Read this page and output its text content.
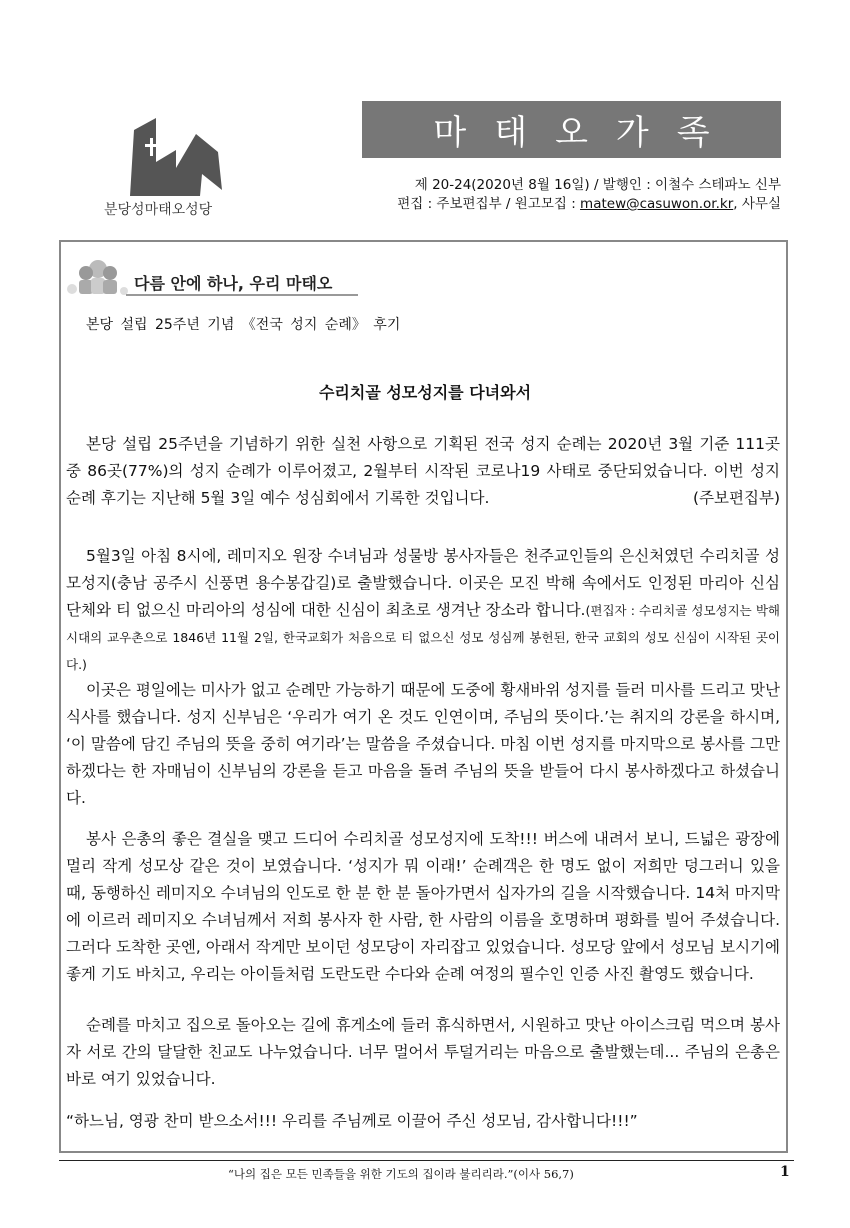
분당성마태오성당
마태오가족
제 20-24(2020년 8월 16일) / 발행인 : 이철수 스테파노 신부
편집 : 주보편집부 / 원고모집 : matew@casuwon.or.kr, 사무실
다름 안에 하나, 우리 마태오
본당 설립 25주년 기념 《전국 성지 순례》 후기
수리치골 성모성지를 다녀와서

본당 설립 25주년을 기념하기 위한 실천 사항으로 기획된 전국 성지 순례는 2020년 3월 기준 111곳 중 86곳(77%)의 성지 순례가 이루어졌고, 2월부터 시작된 코로나19 사태로 중단되었습니다. 이번 성지 순례 후기는 지난해 5월 3일 예수 성심회에서 기록한 것입니다.	(주보편집부)

5월3일 아침 8시에, 레미지오 원장 수녀님과 성물방 봉사자들은 천주교인들의 은신처였던 수리치골 성모성지(충남 공주시 신풍면 용수봉갑길)로 출발했습니다. 이곳은 모진 박해 속에서도 인정된 마리아 신심 단체와 티 없으신 마리아의 성심에 대한 신심이 최초로 생겨난 장소라 합니다.(편집자 : 수리치골 성모성지는 박해시대의 교우촌으로 1846년 11월 2일, 한국교회가 처음으로 티 없으신 성모 성심께 봉헌된, 한국 교회의 성모 신심이 시작된 곳이다.)

이곳은 평일에는 미사가 없고 순례만 가능하기 때문에 도중에 황새바위 성지를 들러 미사를 드리고 맛난 식사를 했습니다. 성지 신부님은 ‘우리가 여기 온 것도 인연이며, 주님의 뜻이다.’는 취지의 강론을 하시며, ‘이 말씀에 담긴 주님의 뜻을 중히 여기라’는 말씀을 주셨습니다. 마침 이번 성지를 마지막으로 봉사를 그만하겠다는 한 자매님이 신부님의 강론을 듣고 마음을 돌려 주님의 뜻을 받들어 다시 봉사하겠다고 하셨습니다.

봉사 은총의 좋은 결실을 맺고 드디어 수리치골 성모성지에 도착!!! 버스에 내려서 보니, 드넓은 광장에 멀리 작게 성모상 같은 것이 보였습니다. ‘성지가 뭐 이래!’ 순례객은 한 명도 없이 저희만 덩그러니 있을 때, 동행하신 레미지오 수녀님의 인도로 한 분 한 분 돌아가면서 십자가의 길을 시작했습니다. 14처 마지막에 이르러 레미지오 수녀님께서 저희 봉사자 한 사람, 한 사람의 이름을 호명하며 평화를 빌어 주셨습니다. 그러다 도착한 곳엔, 아래서 작게만 보이던 성모당이 자리잡고 있었습니다. 성모당 앞에서 성모님 보시기에 좋게 기도 바치고, 우리는 아이들처럼 도란도란 수다와 순례 여정의 필수인 인증 사진 촬영도 했습니다.

순례를 마치고 집으로 돌아오는 길에 휴게소에 들러 휴식하면서, 시원하고 맛난 아이스크림 먹으며 봉사자 서로 간의 달달한 친교도 나누었습니다. 너무 멀어서 투덜거리는 마음으로 출발했는데... 주님의 은총은 바로 여기 있었습니다.

“하느님, 영광 찬미 받으소서!!! 우리를 주님께로 이끌어 주신 성모님, 감사합니다!!!”
“나의 집은 모든 민족들을 위한 기도의 집이라 불리리라.”(이사 56,7)	1
